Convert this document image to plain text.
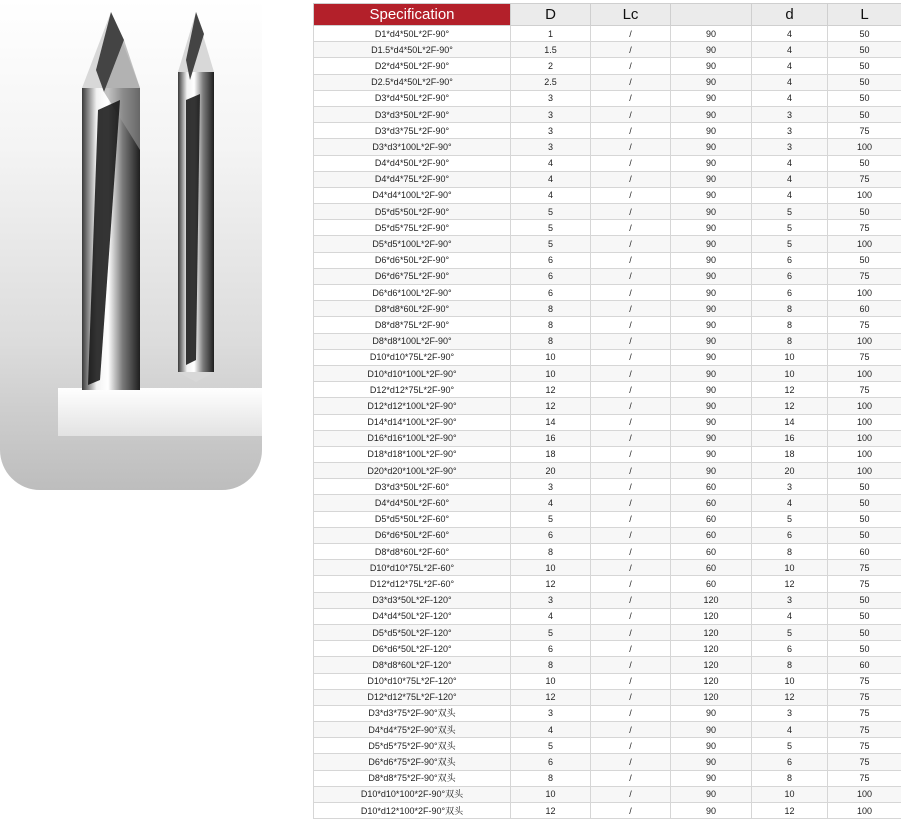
Specification	D	Lc		d	L
D1*d4*50L*2F-90°	1	/	90	4	50
D1.5*d4*50L*2F-90°	1.5	/	90	4	50
D2*d4*50L*2F-90°	2	/	90	4	50
D2.5*d4*50L*2F-90°	2.5	/	90	4	50
D3*d4*50L*2F-90°	3	/	90	4	50
D3*d3*50L*2F-90°	3	/	90	3	50
D3*d3*75L*2F-90°	3	/	90	3	75
D3*d3*100L*2F-90°	3	/	90	3	100
D4*d4*50L*2F-90°	4	/	90	4	50
D4*d4*75L*2F-90°	4	/	90	4	75
D4*d4*100L*2F-90°	4	/	90	4	100
D5*d5*50L*2F-90°	5	/	90	5	50
D5*d5*75L*2F-90°	5	/	90	5	75
D5*d5*100L*2F-90°	5	/	90	5	100
D6*d6*50L*2F-90°	6	/	90	6	50
D6*d6*75L*2F-90°	6	/	90	6	75
D6*d6*100L*2F-90°	6	/	90	6	100
D8*d8*60L*2F-90°	8	/	90	8	60
D8*d8*75L*2F-90°	8	/	90	8	75
D8*d8*100L*2F-90°	8	/	90	8	100
D10*d10*75L*2F-90°	10	/	90	10	75
D10*d10*100L*2F-90°	10	/	90	10	100
D12*d12*75L*2F-90°	12	/	90	12	75
D12*d12*100L*2F-90°	12	/	90	12	100
D14*d14*100L*2F-90°	14	/	90	14	100
D16*d16*100L*2F-90°	16	/	90	16	100
D18*d18*100L*2F-90°	18	/	90	18	100
D20*d20*100L*2F-90°	20	/	90	20	100
D3*d3*50L*2F-60°	3	/	60	3	50
D4*d4*50L*2F-60°	4	/	60	4	50
D5*d5*50L*2F-60°	5	/	60	5	50
D6*d6*50L*2F-60°	6	/	60	6	50
D8*d8*60L*2F-60°	8	/	60	8	60
D10*d10*75L*2F-60°	10	/	60	10	75
D12*d12*75L*2F-60°	12	/	60	12	75
D3*d3*50L*2F-120°	3	/	120	3	50
D4*d4*50L*2F-120°	4	/	120	4	50
D5*d5*50L*2F-120°	5	/	120	5	50
D6*d6*50L*2F-120°	6	/	120	6	50
D8*d8*60L*2F-120°	8	/	120	8	60
D10*d10*75L*2F-120°	10	/	120	10	75
D12*d12*75L*2F-120°	12	/	120	12	75
D3*d3*75*2F-90°双头	3	/	90	3	75
D4*d4*75*2F-90°双头	4	/	90	4	75
D5*d5*75*2F-90°双头	5	/	90	5	75
D6*d6*75*2F-90°双头	6	/	90	6	75
D8*d8*75*2F-90°双头	8	/	90	8	75
D10*d10*100*2F-90°双头	10	/	90	10	100
D10*d12*100*2F-90°双头	12	/	90	12	100
